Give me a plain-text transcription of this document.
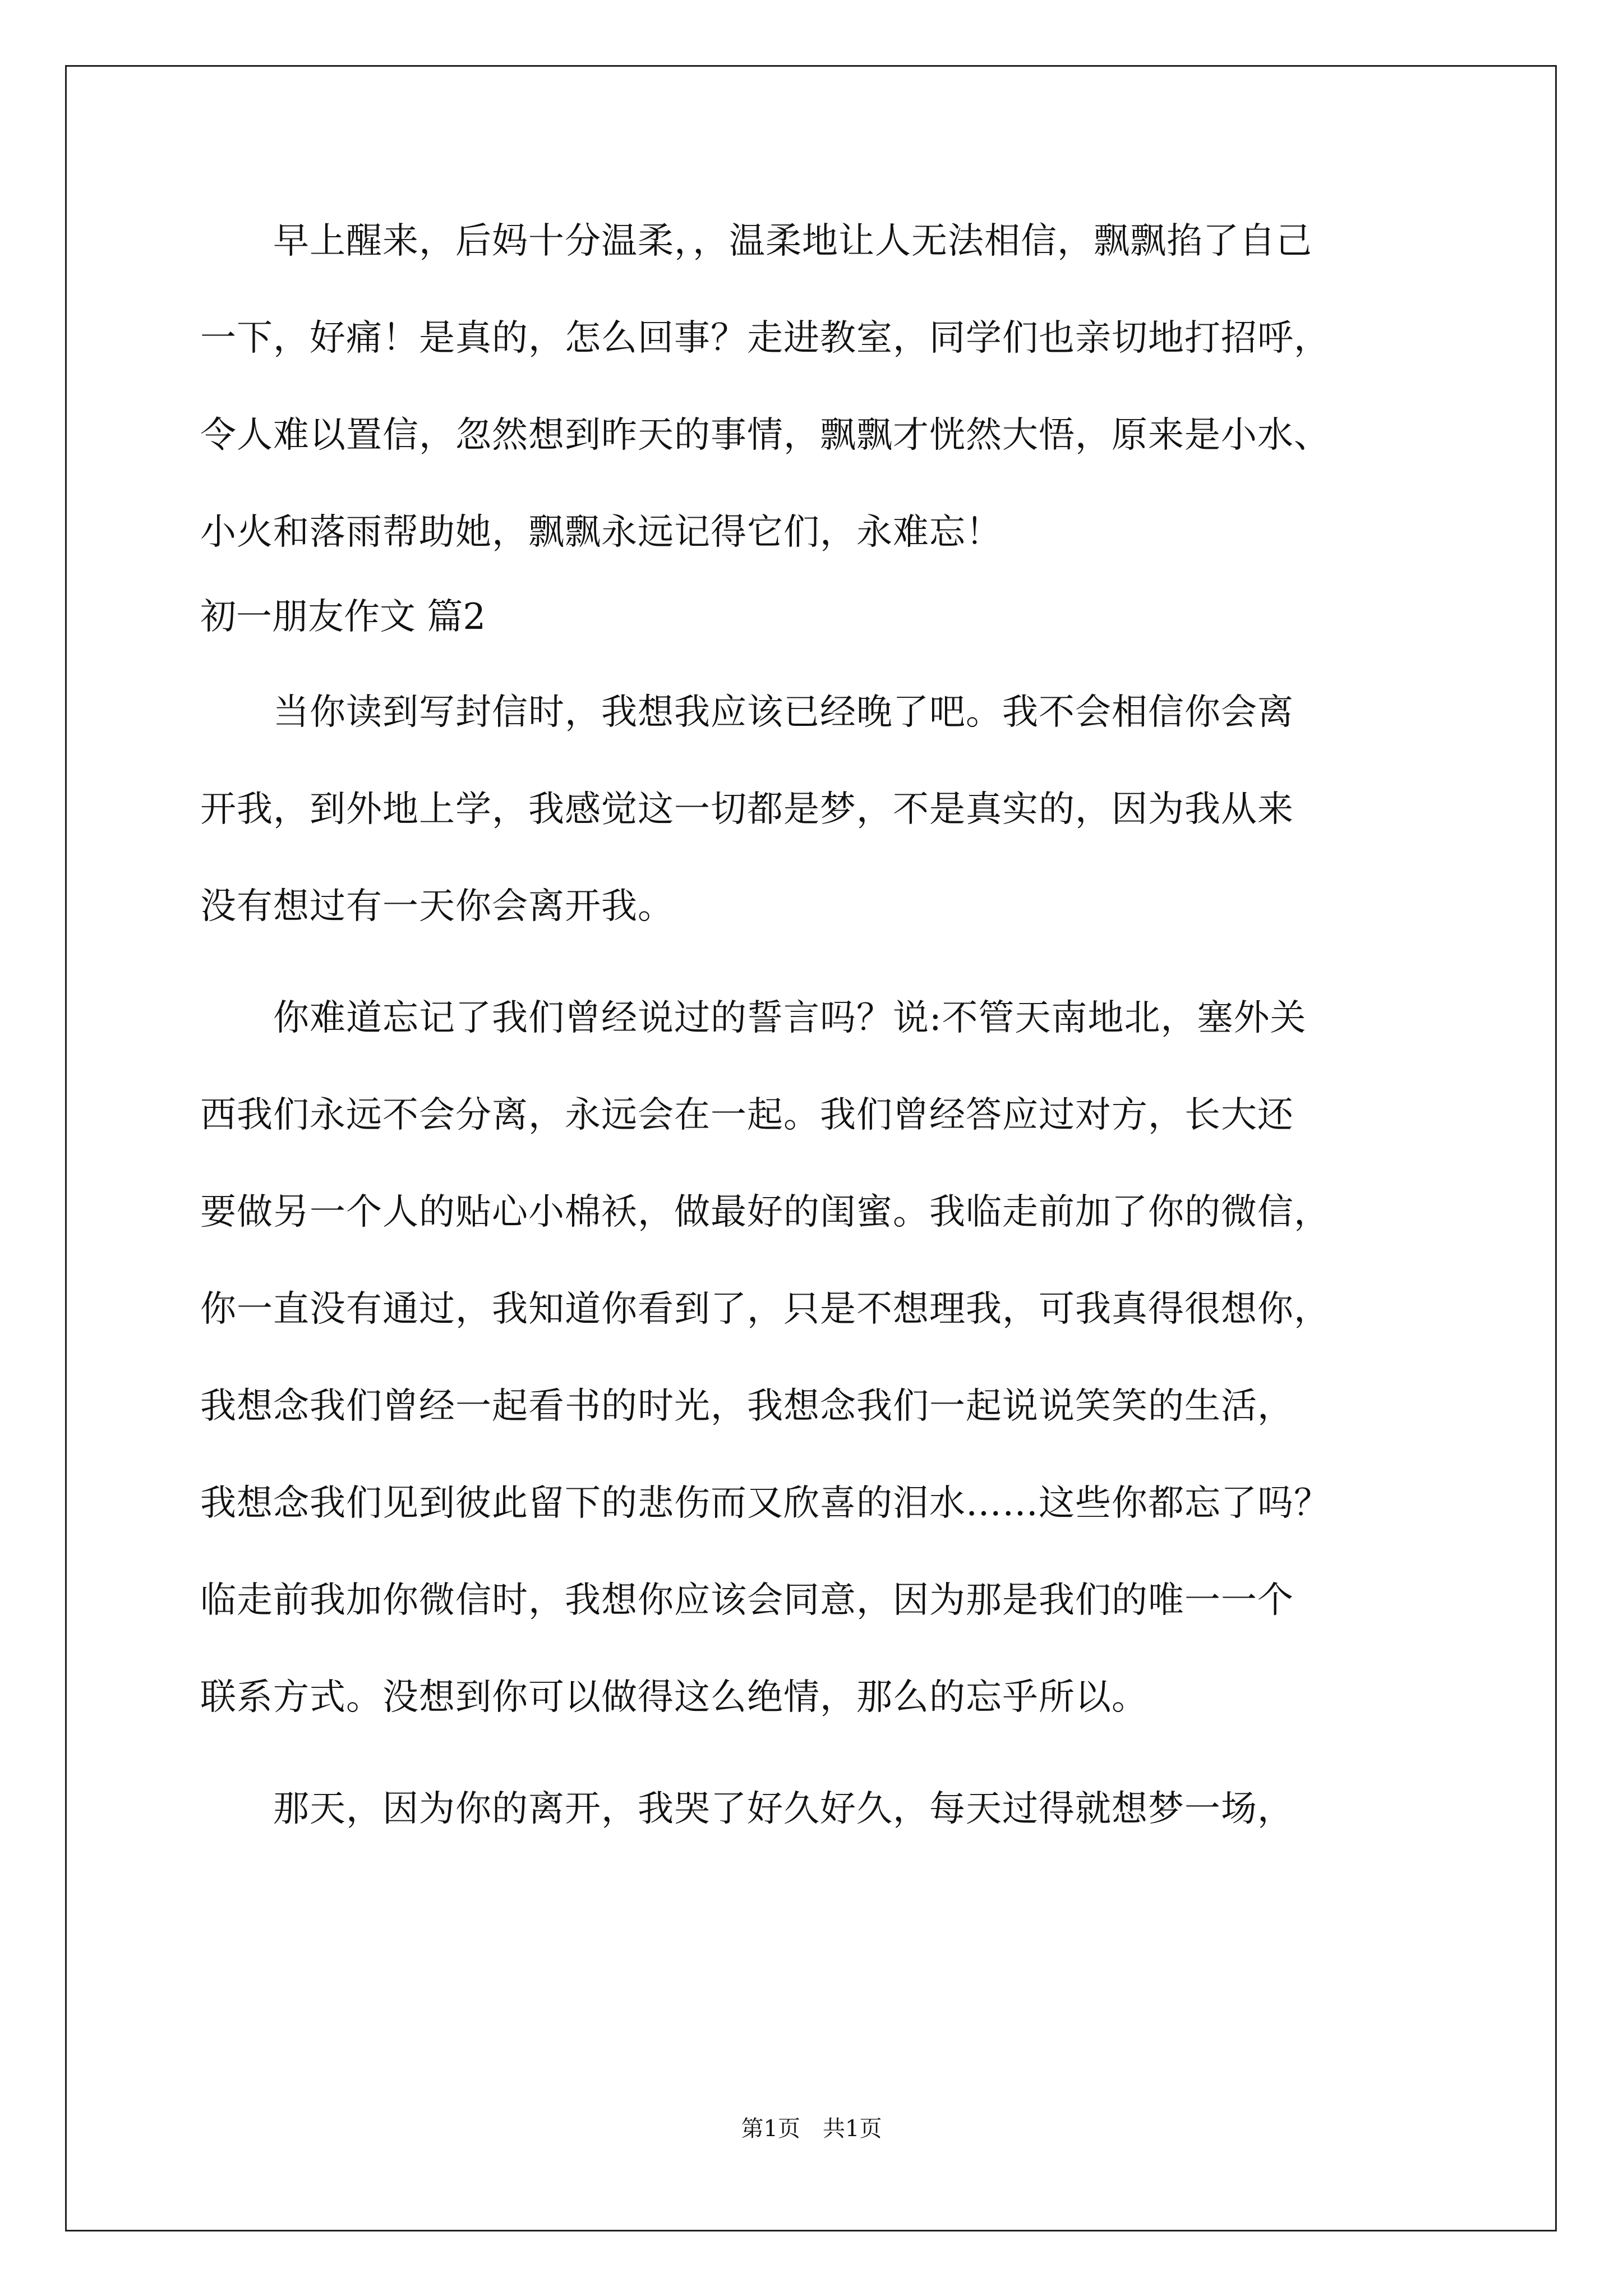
　　早上醒来，后妈十分温柔，，温柔地让人无法相信，飘飘掐了自己
一下，好痛！是真的，怎么回事？走进教室，同学们也亲切地打招呼，
令人难以置信，忽然想到昨天的事情，飘飘才恍然大悟，原来是小水、
小火和落雨帮助她，飘飘永远记得它们，永难忘！
初一朋友作文 篇2
　　当你读到写封信时，我想我应该已经晚了吧。我不会相信你会离
开我，到外地上学，我感觉这一切都是梦，不是真实的，因为我从来
没有想过有一天你会离开我。
　　你难道忘记了我们曾经说过的誓言吗？说:不管天南地北，塞外关
西我们永远不会分离，永远会在一起。我们曾经答应过对方，长大还
要做另一个人的贴心小棉袄，做最好的闺蜜。我临走前加了你的微信，
你一直没有通过，我知道你看到了，只是不想理我，可我真得很想你，
我想念我们曾经一起看书的时光，我想念我们一起说说笑笑的生活，
我想念我们见到彼此留下的悲伤而又欣喜的泪水……这些你都忘了吗？
临走前我加你微信时，我想你应该会同意，因为那是我们的唯一一个
联系方式。没想到你可以做得这么绝情，那么的忘乎所以。
　　那天，因为你的离开，我哭了好久好久，每天过得就想梦一场，
第1页　共1页
